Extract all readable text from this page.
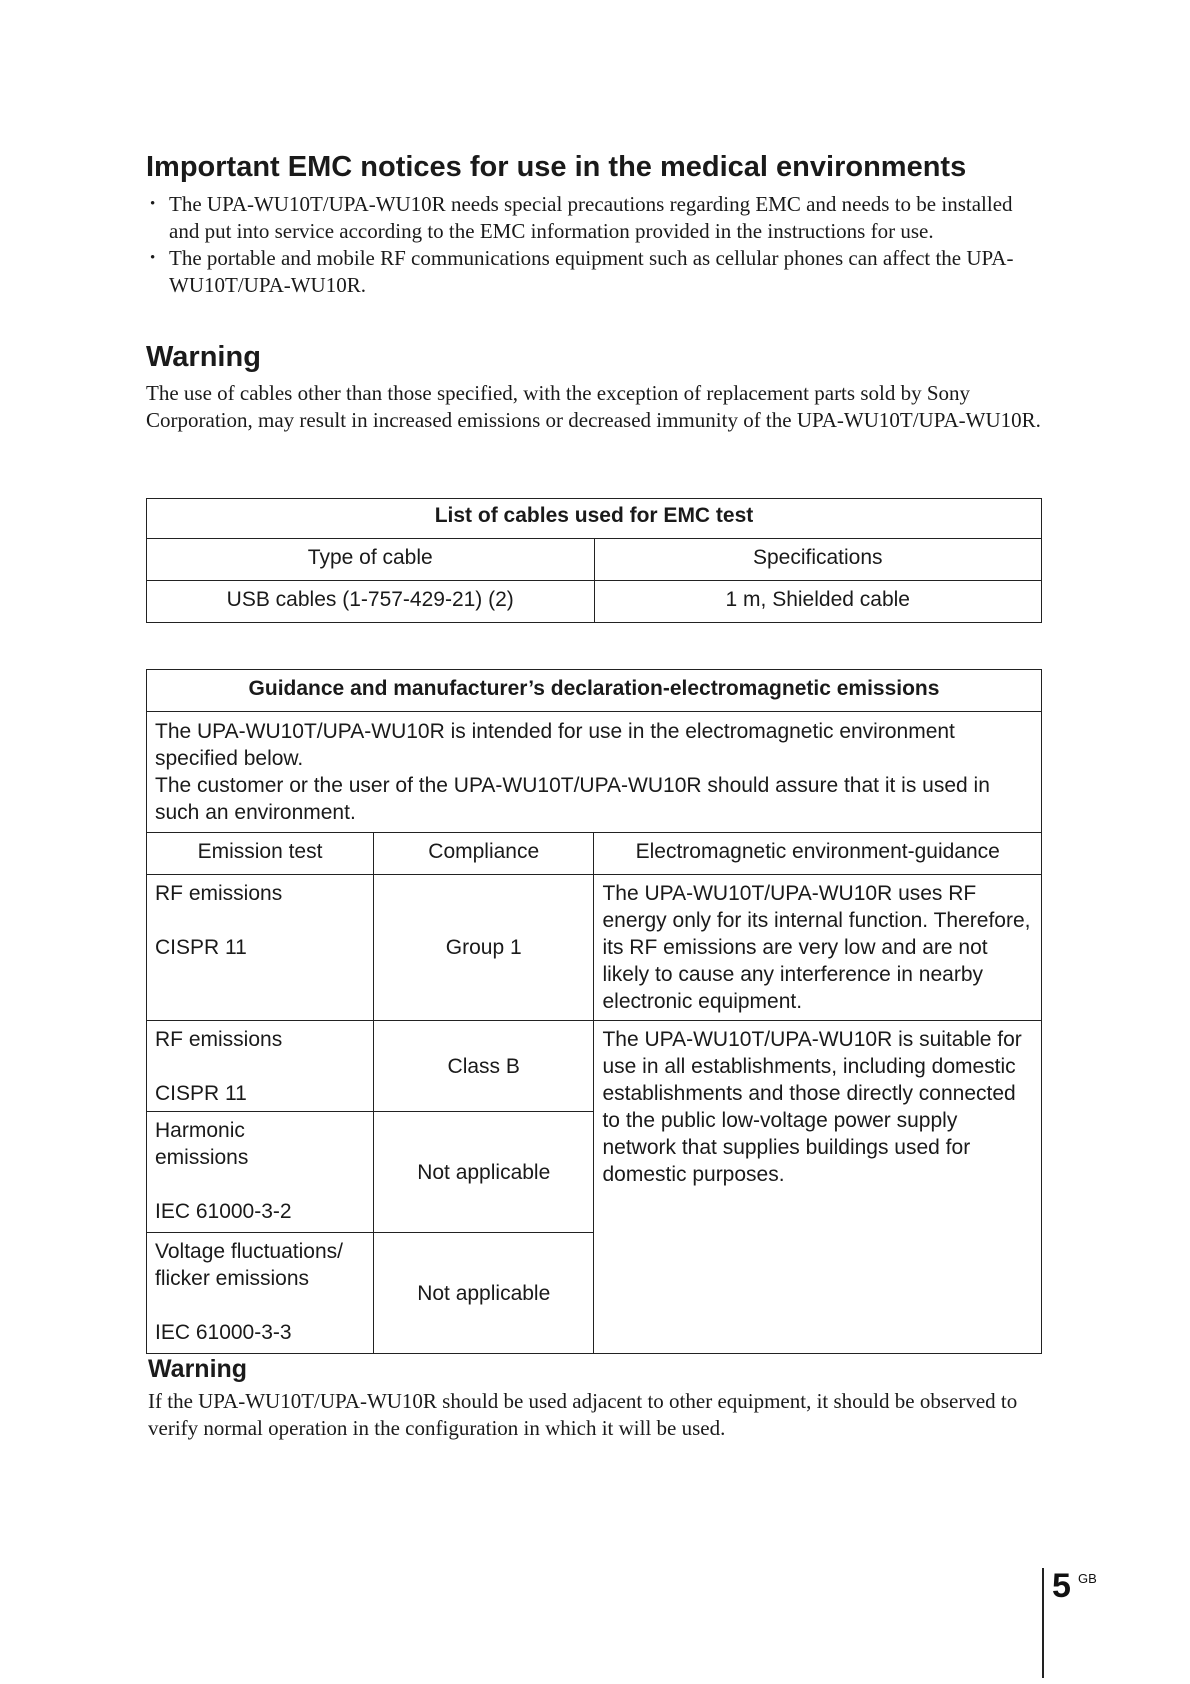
Important EMC notices for use in the medical environments
• The UPA-WU10T/UPA-WU10R needs special precautions regarding EMC and needs to be installed and put into service according to the EMC information provided in the instructions for use.
• The portable and mobile RF communications equipment such as cellular phones can affect the UPA-WU10T/UPA-WU10R.
Warning

The use of cables other than those specified, with the exception of replacement parts sold by Sony Corporation, may result in increased emissions or decreased immunity of the UPA-WU10T/UPA-WU10R.

List of cables used for EMC test	
Type of cable	Specifications
USB cables (1-757-429-21) (2)	1 m, Shielded cable
Guidance and manufacturer’s declaration-electromagnetic emissions		
The UPA-WU10T/UPA-WU10R is intended for use in the electromagnetic environment specified below.
The customer or the user of the UPA-WU10T/UPA-WU10R should assure that it is used in such an environment.		
Emission test	Compliance	Electromagnetic environment-guidance
RF emissions
CISPR 11	Group 1	The UPA-WU10T/UPA-WU10R uses RF energy only for its internal function. Therefore, its RF emissions are very low and are not likely to cause any interference in nearby electronic equipment.
RF emissions
CISPR 11	Class B	The UPA-WU10T/UPA-WU10R is suitable for use in all establishments, including domestic establishments and those directly connected to the public low-voltage power supply network that supplies buildings used for domestic purposes.

Harmonic emissions
IEC 61000-3-2	Not applicable	

Voltage fluctuations/ flicker emissions
IEC 61000-3-3	Not applicable	
Warning

If the UPA-WU10T/UPA-WU10R should be used adjacent to other equipment, it should be observed to verify normal operation in the configuration in which it will be used.

5 GB
